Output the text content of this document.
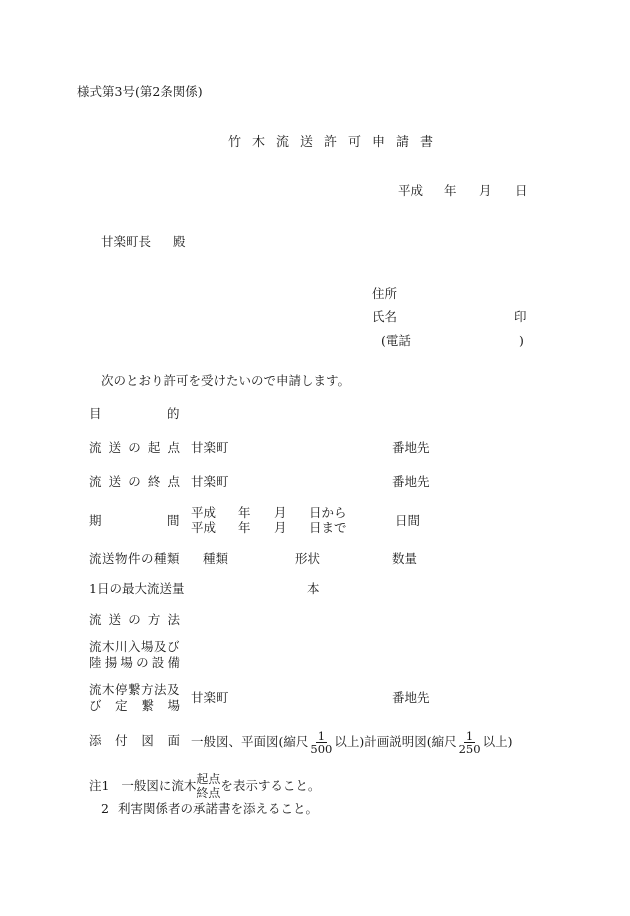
様式第3号(第2条関係)
竹木流送許可申請書
平成 年 月 日
甘楽町長 殿
住所
氏名	印
(電話	)
次のとおり許可を受けたいので申請します。
目	的
流 送 の 起 点 甘楽町	番地先
流 送 の 終 点 甘楽町	番地先
期	間
平成 年 月 日から
平成 年 月 日まで	日間
流送物件の種類 種類	形状	数量
1日の最大流送量	本
流 送 の 方 法
流木川入場及び
陸 揚 場 の 設 備
流木停繋方法及
び 定 繋 場
甘楽町	番地先
添 付 図 面 一般図、平面図(縮尺 $\frac{1}{500}$ 以上)計画説明図(縮尺 $\frac{1}{250}$ 以上)
注1 一般図に流木 起点
終点 を表示すること。
2 利害関係者の承諾書を添えること。
